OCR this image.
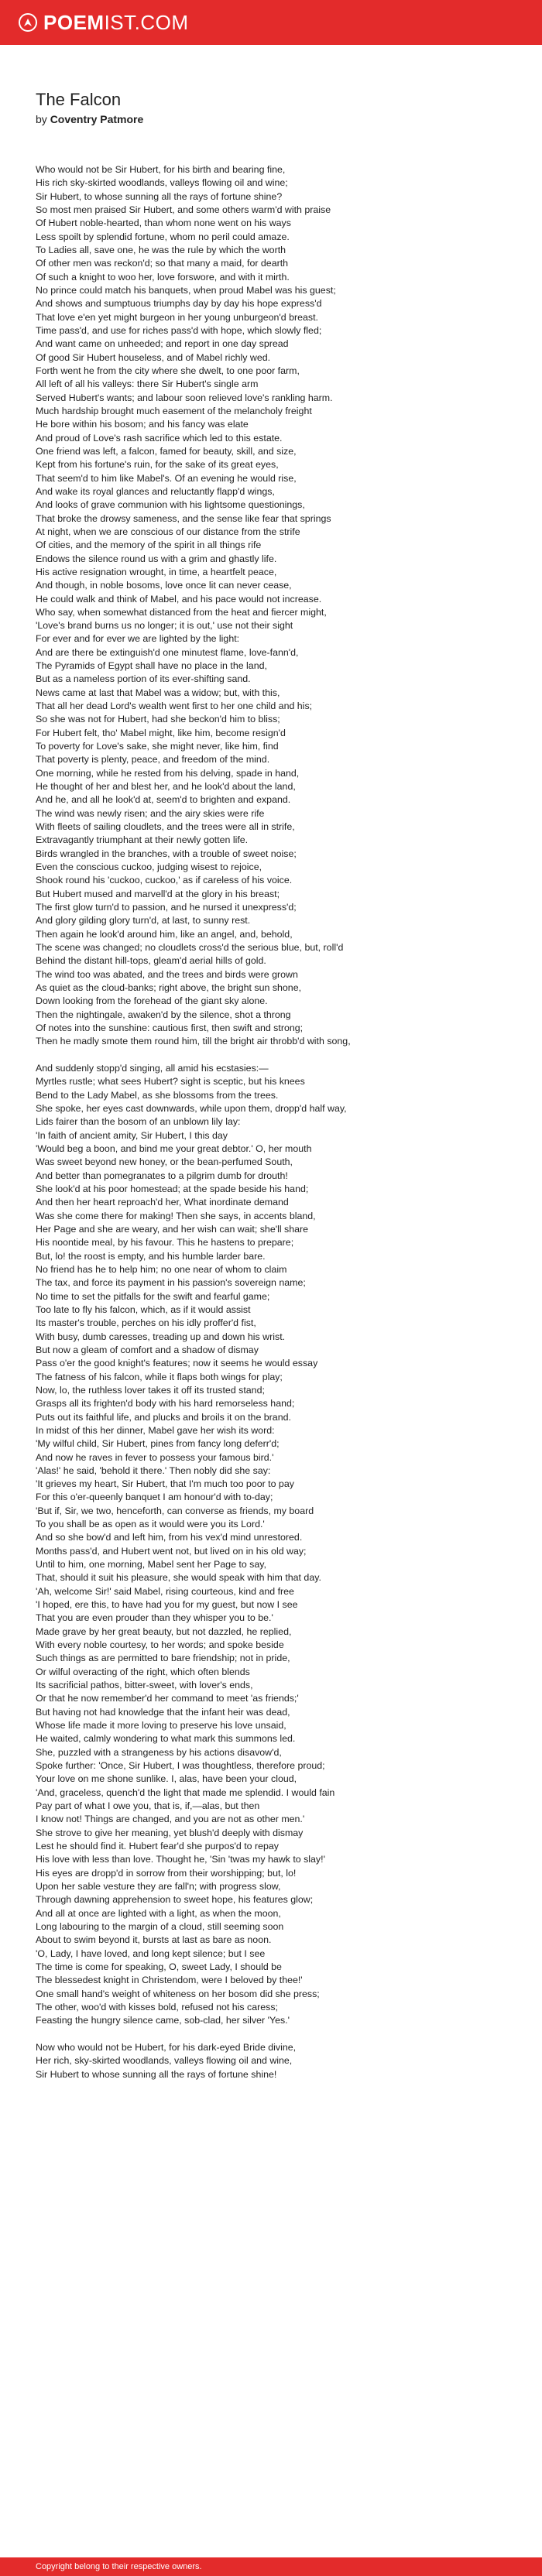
POEM IST.COM
The Falcon
by Coventry Patmore
Who would not be Sir Hubert, for his birth and bearing fine,
His rich sky-skirted woodlands, valleys flowing oil and wine;
Sir Hubert, to whose sunning all the rays of fortune shine?
So most men praised Sir Hubert, and some others warm'd with praise
Of Hubert noble-hearted, than whom none went on his ways
Less spoilt by splendid fortune, whom no peril could amaze.
To Ladies all, save one, he was the rule by which the worth
Of other men was reckon'd; so that many a maid, for dearth
Of such a knight to woo her, love forswore, and with it mirth.
No prince could match his banquets, when proud Mabel was his guest;
And shows and sumptuous triumphs day by day his hope express'd
That love e'en yet might burgeon in her young unburgeon'd breast.
Time pass'd, and use for riches pass'd with hope, which slowly fled;
And want came on unheeded; and report in one day spread
Of good Sir Hubert houseless, and of Mabel richly wed.
Forth went he from the city where she dwelt, to one poor farm,
All left of all his valleys: there Sir Hubert's single arm
Served Hubert's wants; and labour soon relieved love's rankling harm.
Much hardship brought much easement of the melancholy freight
He bore within his bosom; and his fancy was elate
And proud of Love's rash sacrifice which led to this estate.
One friend was left, a falcon, famed for beauty, skill, and size,
Kept from his fortune's ruin, for the sake of its great eyes,
That seem'd to him like Mabel's. Of an evening he would rise,
And wake its royal glances and reluctantly flapp'd wings,
And looks of grave communion with his lightsome questionings,
That broke the drowsy sameness, and the sense like fear that springs
At night, when we are conscious of our distance from the strife
Of cities, and the memory of the spirit in all things rife
Endows the silence round us with a grim and ghastly life.
His active resignation wrought, in time, a heartfelt peace,
And though, in noble bosoms, love once lit can never cease,
He could walk and think of Mabel, and his pace would not increase.
Who say, when somewhat distanced from the heat and fiercer might,
'Love's brand burns us no longer; it is out,' use not their sight
For ever and for ever we are lighted by the light:
And are there be extinguish'd one minutest flame, love-fann'd,
The Pyramids of Egypt shall have no place in the land,
But as a nameless portion of its ever-shifting sand.
News came at last that Mabel was a widow; but, with this,
That all her dead Lord's wealth went first to her one child and his;
So she was not for Hubert, had she beckon'd him to bliss;
For Hubert felt, tho' Mabel might, like him, become resign'd
To poverty for Love's sake, she might never, like him, find
That poverty is plenty, peace, and freedom of the mind.
One morning, while he rested from his delving, spade in hand,
He thought of her and blest her, and he look'd about the land,
And he, and all he look'd at, seem'd to brighten and expand.
The wind was newly risen; and the airy skies were rife
With fleets of sailing cloudlets, and the trees were all in strife,
Extravagantly triumphant at their newly gotten life.
Birds wrangled in the branches, with a trouble of sweet noise;
Even the conscious cuckoo, judging wisest to rejoice,
Shook round his 'cuckoo, cuckoo,' as if careless of his voice.
But Hubert mused and marvell'd at the glory in his breast;
The first glow turn'd to passion, and he nursed it unexpress'd;
And glory gilding glory turn'd, at last, to sunny rest.
Then again he look'd around him, like an angel, and, behold,
The scene was changed; no cloudlets cross'd the serious blue, but, roll'd
Behind the distant hill-tops, gleam'd aerial hills of gold.
The wind too was abated, and the trees and birds were grown
As quiet as the cloud-banks; right above, the bright sun shone,
Down looking from the forehead of the giant sky alone.
Then the nightingale, awaken'd by the silence, shot a throng
Of notes into the sunshine: cautious first, then swift and strong;
Then he madly smote them round him, till the bright air throbb'd with song,
And suddenly stopp'd singing, all amid his ecstasies:—
Myrtles rustle; what sees Hubert? sight is sceptic, but his knees
Bend to the Lady Mabel, as she blossoms from the trees.
She spoke, her eyes cast downwards, while upon them, dropp'd half way,
Lids fairer than the bosom of an unblown lily lay:
'In faith of ancient amity, Sir Hubert, I this day
'Would beg a boon, and bind me your great debtor.' O, her mouth
Was sweet beyond new honey, or the bean-perfumed South,
And better than pomegranates to a pilgrim dumb for drouth!
She look'd at his poor homestead; at the spade beside his hand;
And then her heart reproach'd her, What inordinate demand
Was she come there for making! Then she says, in accents bland,
Her Page and she are weary, and her wish can wait; she'll share
His noontide meal, by his favour. This he hastens to prepare;
But, lo! the roost is empty, and his humble larder bare.
No friend has he to help him; no one near of whom to claim
The tax, and force its payment in his passion's sovereign name;
No time to set the pitfalls for the swift and fearful game;
Too late to fly his falcon, which, as if it would assist
Its master's trouble, perches on his idly proffer'd fist,
With busy, dumb caresses, treading up and down his wrist.
But now a gleam of comfort and a shadow of dismay
Pass o'er the good knight's features; now it seems he would essay
The fatness of his falcon, while it flaps both wings for play;
Now, lo, the ruthless lover takes it off its trusted stand;
Grasps all its frighten'd body with his hard remorseless hand;
Puts out its faithful life, and plucks and broils it on the brand.
In midst of this her dinner, Mabel gave her wish its word:
'My wilful child, Sir Hubert, pines from fancy long deferr'd;
And now he raves in fever to possess your famous bird.'
'Alas!' he said, 'behold it there.' Then nobly did she say:
'It grieves my heart, Sir Hubert, that I'm much too poor to pay
For this o'er-queenly banquet I am honour'd with to-day;
'But if, Sir, we two, henceforth, can converse as friends, my board
To you shall be as open as it would were you its Lord.'
And so she bow'd and left him, from his vex'd mind unrestored.
Months pass'd, and Hubert went not, but lived on in his old way;
Until to him, one morning, Mabel sent her Page to say,
That, should it suit his pleasure, she would speak with him that day.
'Ah, welcome Sir!' said Mabel, rising courteous, kind and free
'I hoped, ere this, to have had you for my guest, but now I see
That you are even prouder than they whisper you to be.'
Made grave by her great beauty, but not dazzled, he replied,
With every noble courtesy, to her words; and spoke beside
Such things as are permitted to bare friendship; not in pride,
Or wilful overacting of the right, which often blends
Its sacrificial pathos, bitter-sweet, with lover's ends,
Or that he now remember'd her command to meet 'as friends;'
But having not had knowledge that the infant heir was dead,
Whose life made it more loving to preserve his love unsaid,
He waited, calmly wondering to what mark this summons led.
She, puzzled with a strangeness by his actions disavow'd,
Spoke further: 'Once, Sir Hubert, I was thoughtless, therefore proud;
Your love on me shone sunlike. I, alas, have been your cloud,
'And, graceless, quench'd the light that made me splendid. I would fain
Pay part of what I owe you, that is, if,—alas, but then
I know not! Things are changed, and you are not as other men.'
She strove to give her meaning, yet blush'd deeply with dismay
Lest he should find it. Hubert fear'd she purpos'd to repay
His love with less than love. Thought he, 'Sin 'twas my hawk to slay!'
His eyes are dropp'd in sorrow from their worshipping; but, lo!
Upon her sable vesture they are fall'n; with progress slow,
Through dawning apprehension to sweet hope, his features glow;
And all at once are lighted with a light, as when the moon,
Long labouring to the margin of a cloud, still seeming soon
About to swim beyond it, bursts at last as bare as noon.
'O, Lady, I have loved, and long kept silence; but I see
The time is come for speaking, O, sweet Lady, I should be
The blessedest knight in Christendom, were I beloved by thee!'
One small hand's weight of whiteness on her bosom did she press;
The other, woo'd with kisses bold, refused not his caress;
Feasting the hungry silence came, sob-clad, her silver 'Yes.'
Now who would not be Hubert, for his dark-eyed Bride divine,
Her rich, sky-skirted woodlands, valleys flowing oil and wine,
Sir Hubert to whose sunning all the rays of fortune shine!
Copyright belong to their respective owners.
